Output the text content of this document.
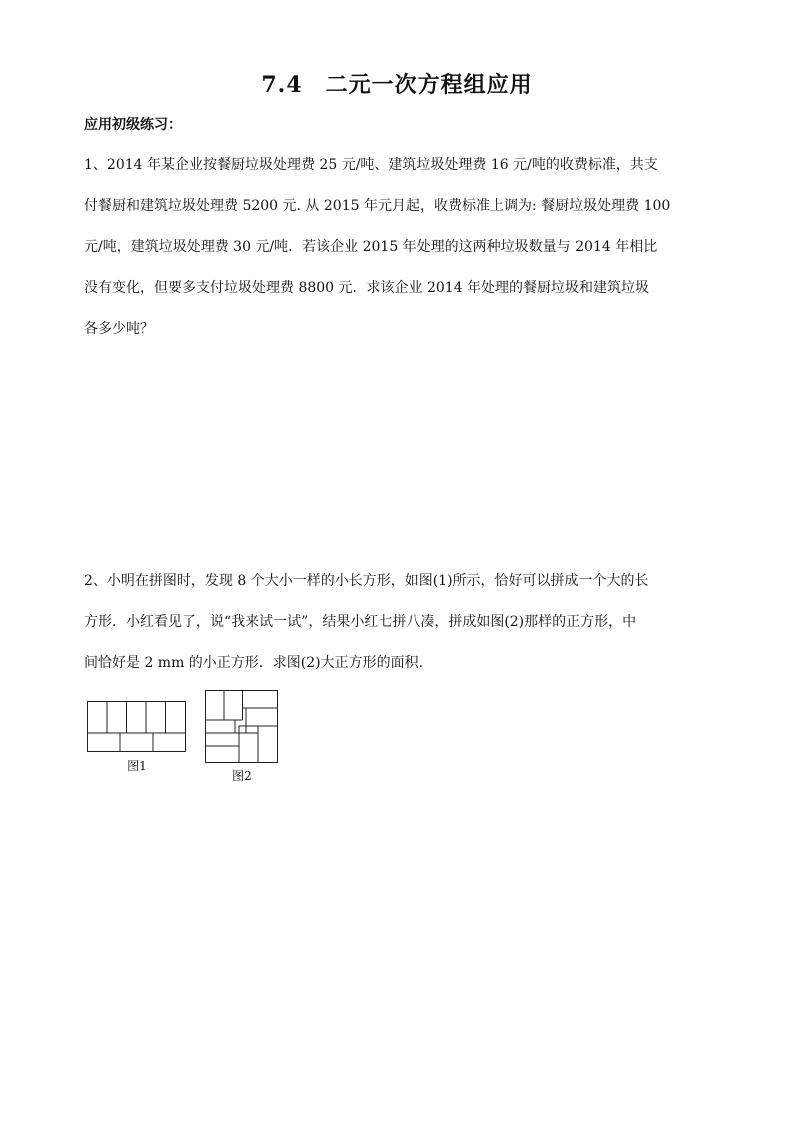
7.4　二元一次方程组应用
应用初级练习：
1、2014 年某企业按餐厨垃圾处理费 25 元/吨、建筑垃圾处理费 16 元/吨的收费标准，共支
付餐厨和建筑垃圾处理费 5200 元. 从 2015 年元月起，收费标准上调为: 餐厨垃圾处理费 100
元/吨，建筑垃圾处理费 30 元/吨．若该企业 2015 年处理的这两种垃圾数量与 2014 年相比
没有变化，但要多支付垃圾处理费 8800 元．求该企业 2014 年处理的餐厨垃圾和建筑垃圾
各多少吨？
2、小明在拼图时，发现 8 个大小一样的小长方形，如图(1)所示，恰好可以拼成一个大的长
方形．小红看见了，说“我来试一试”，结果小红七拼八凑，拼成如图(2)那样的正方形，中
间恰好是 2 mm 的小正方形．求图(2)大正方形的面积.
图1
图2
